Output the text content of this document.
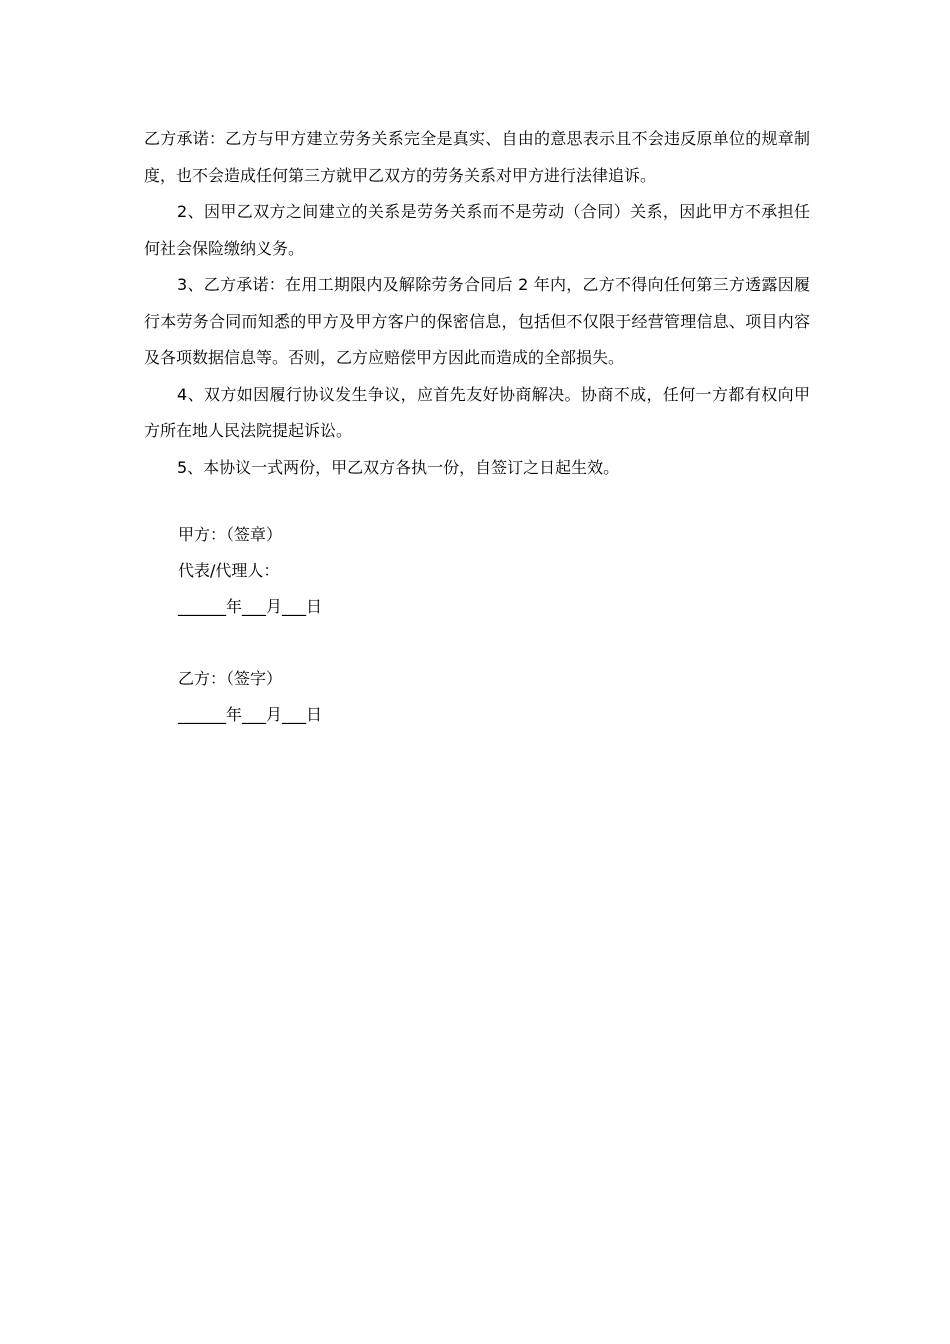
乙方承诺：乙方与甲方建立劳务关系完全是真实、自由的意思表示且不会违反原单位的规章制度，也不会造成任何第三方就甲乙双方的劳务关系对甲方进行法律追诉。

2、因甲乙双方之间建立的关系是劳务关系而不是劳动（合同）关系，因此甲方不承担任何社会保险缴纳义务。

3、乙方承诺：在用工期限内及解除劳务合同后 2 年内，乙方不得向任何第三方透露因履行本劳务合同而知悉的甲方及甲方客户的保密信息，包括但不仅限于经营管理信息、项目内容及各项数据信息等。否则，乙方应赔偿甲方因此而造成的全部损失。

4、双方如因履行协议发生争议，应首先友好协商解决。协商不成，任何一方都有权向甲方所在地人民法院提起诉讼。

5、本协议一式两份，甲乙双方各执一份，自签订之日起生效。

甲方：（签章）

代表/代理人：

______年___月___日

乙方：（签字）

______年___月___日
